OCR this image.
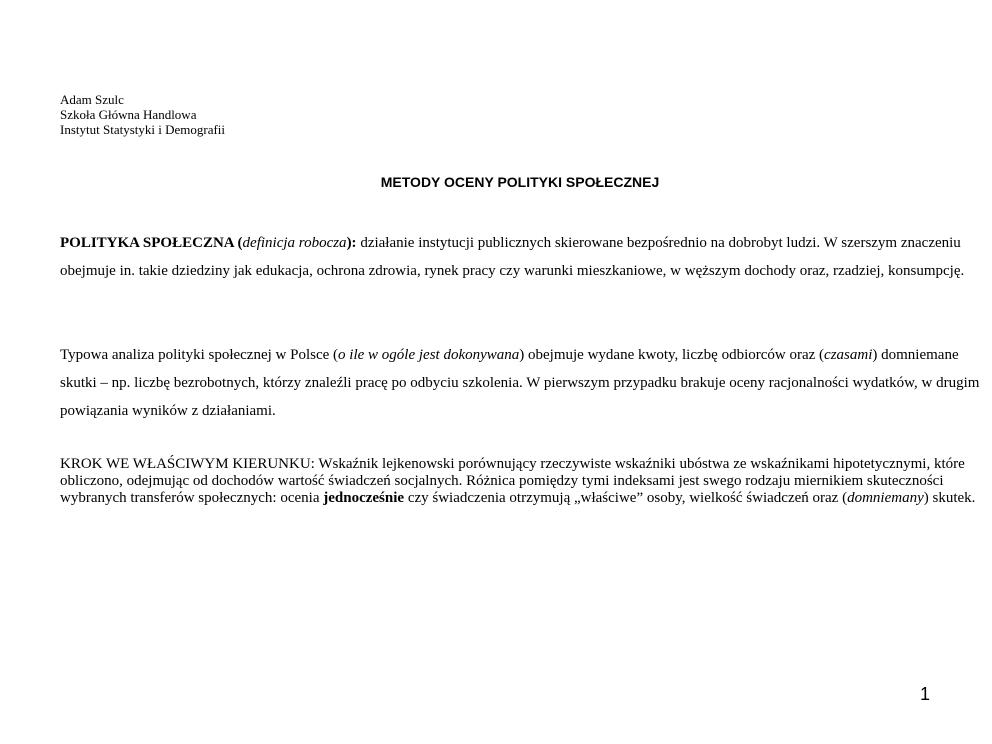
Adam Szulc
Szkoła Główna Handlowa
Instytut Statystyki i Demografii
METODY OCENY POLITYKI SPOŁECZNEJ
POLITYKA SPOŁECZNA (definicja robocza): działanie instytucji publicznych skierowane bezpośrednio na dobrobyt ludzi. W szerszym znaczeniu obejmuje in. takie dziedziny jak edukacja, ochrona zdrowia, rynek pracy czy warunki mieszkaniowe, w węższym dochody oraz, rzadziej, konsumpcję.
Typowa analiza polityki społecznej w Polsce (o ile w ogóle jest dokonywana) obejmuje wydane kwoty, liczbę odbiorców oraz (czasami) domniemane skutki – np. liczbę bezrobotnych, którzy znaleźli pracę po odbyciu szkolenia. W pierwszym przypadku brakuje oceny racjonalności wydatków, w drugim powiązania wyników z działaniami.
KROK WE WŁAŚCIWYM KIERUNKU: Wskaźnik lejkenowski porównujący rzeczywiste wskaźniki ubóstwa ze wskaźnikami hipotetycznymi, które obliczono, odejmując od dochodów wartość świadczeń socjalnych. Różnica pomiędzy tymi indeksami jest swego rodzaju miernikiem skuteczności wybranych transferów społecznych: ocenia jednocześnie czy świadczenia otrzymują „właściwe” osoby, wielkość świadczeń oraz (domniemany) skutek.
1
